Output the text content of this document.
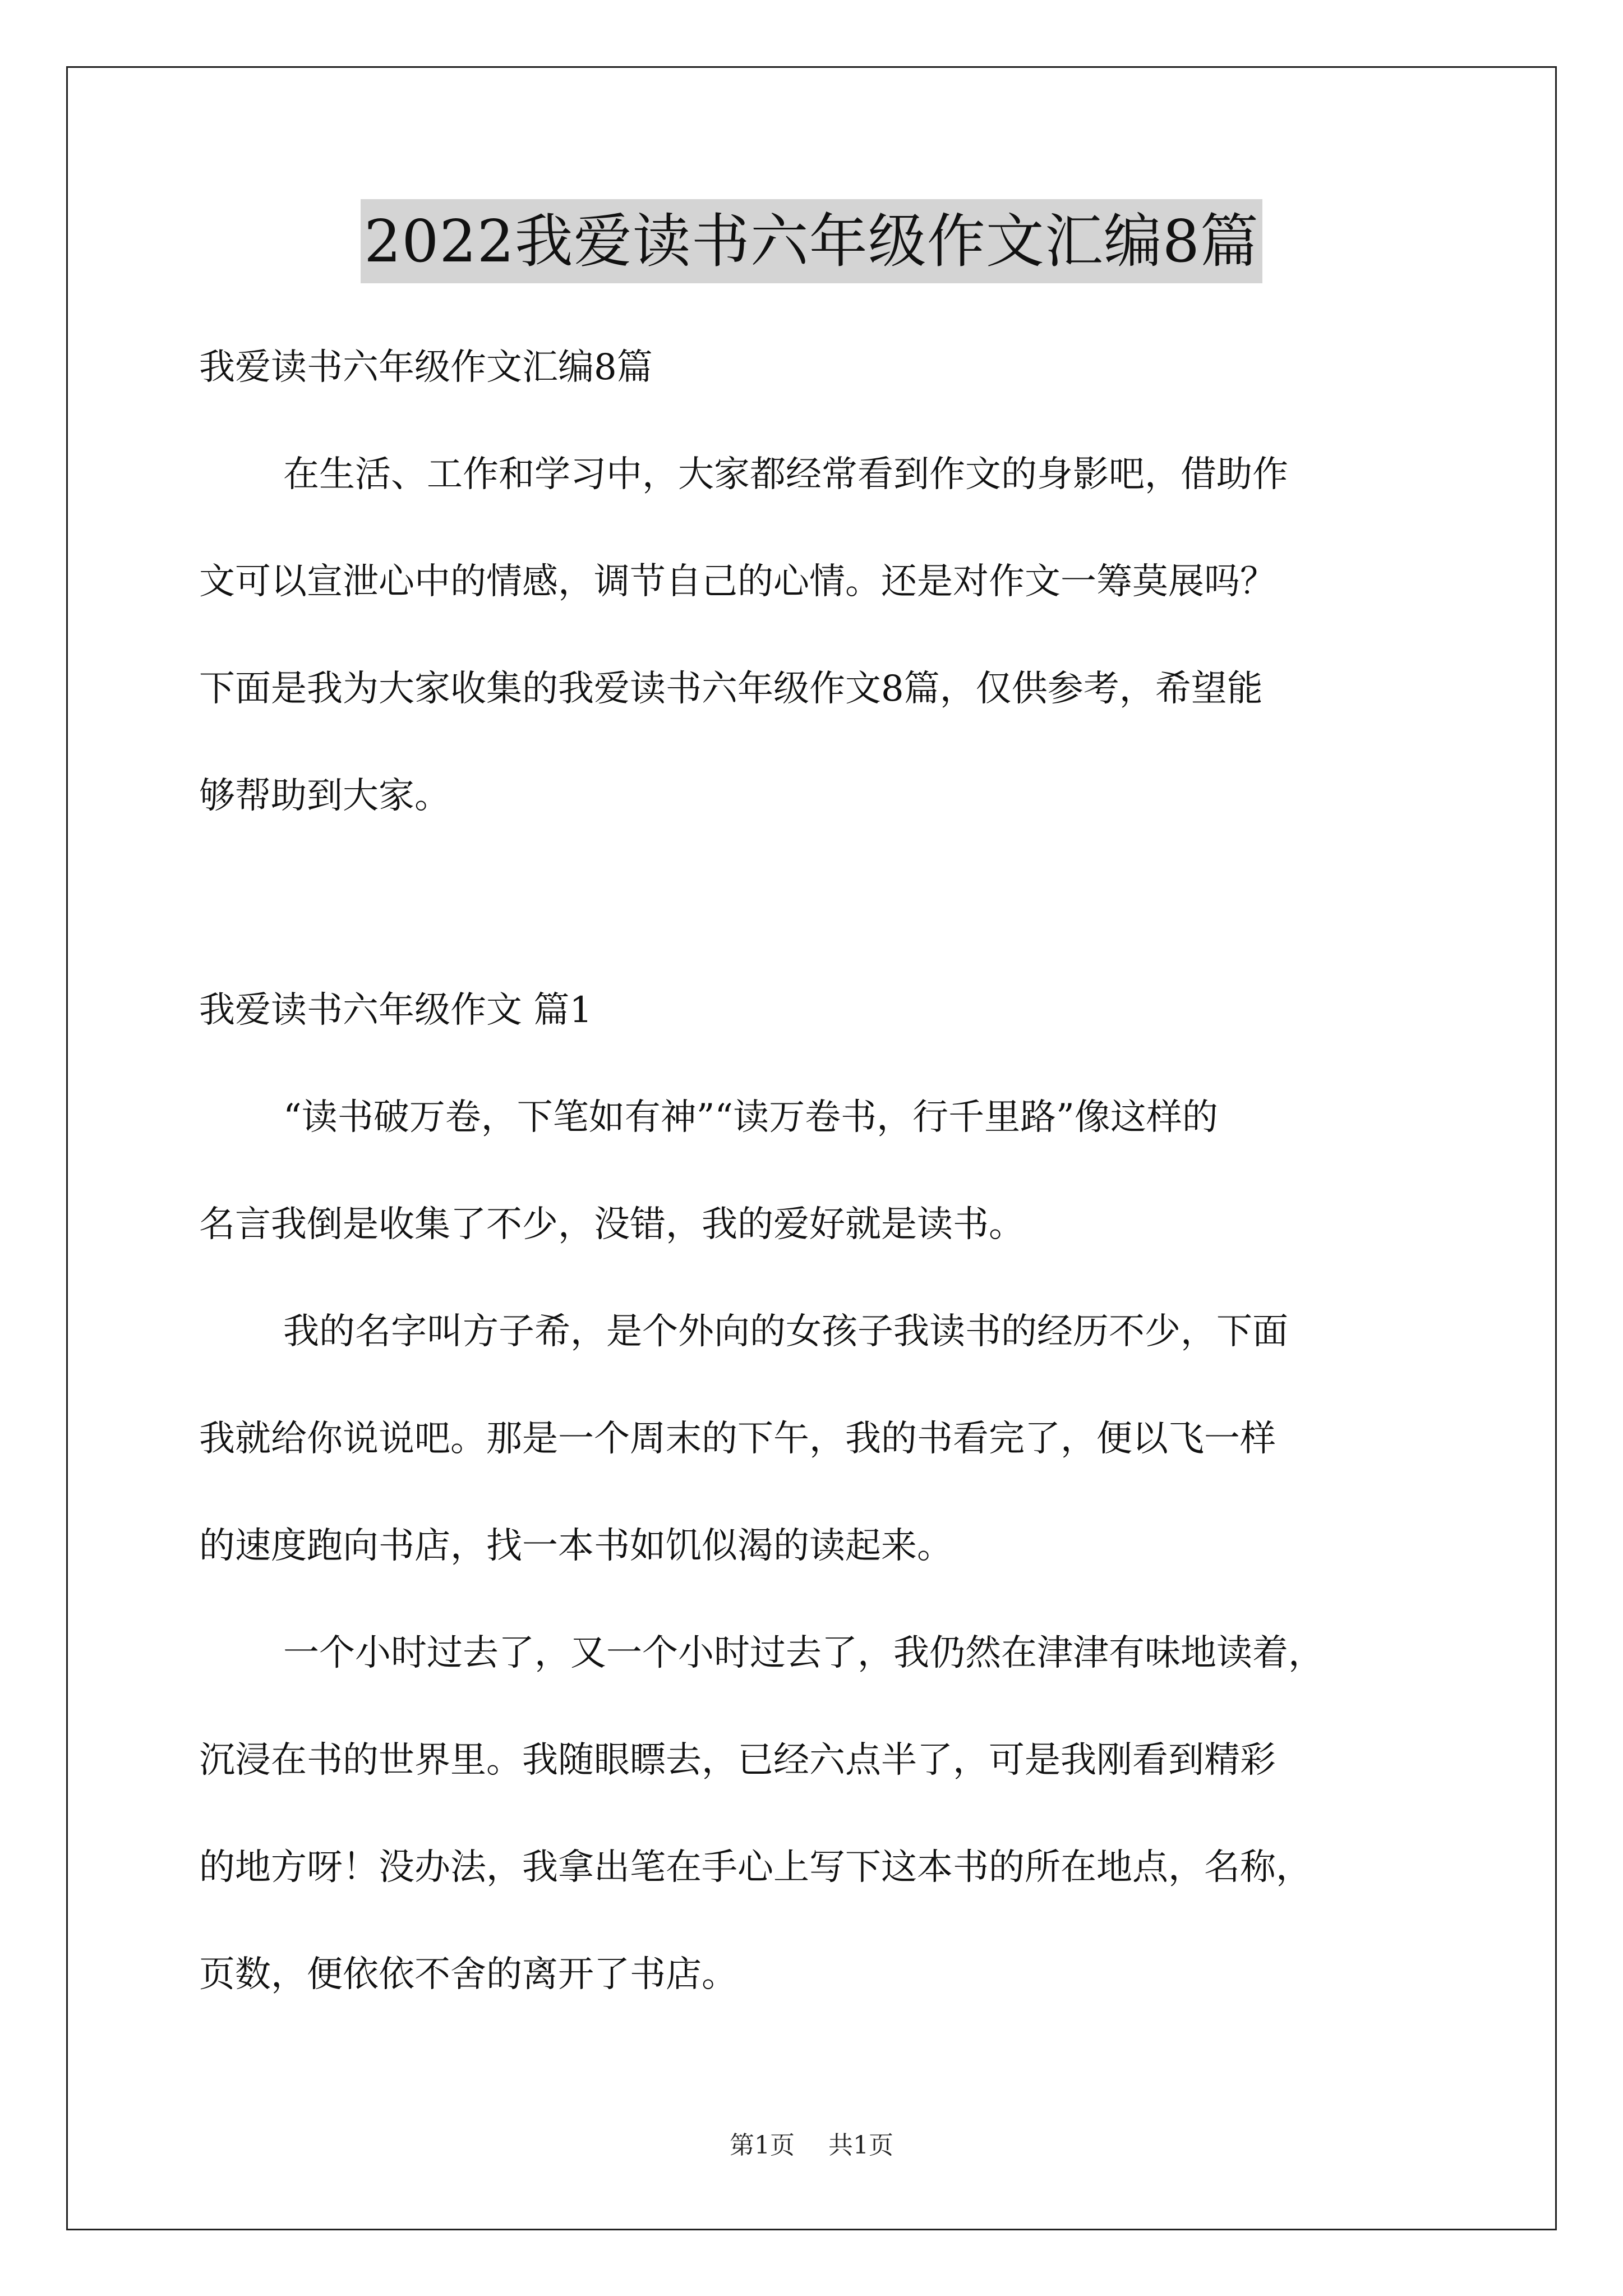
2022我爱读书六年级作文汇编8篇

我爱读书六年级作文汇编8篇

在生活、工作和学习中，大家都经常看到作文的身影吧，借助作

文可以宣泄心中的情感，调节自己的心情。还是对作文一筹莫展吗？

下面是我为大家收集的我爱读书六年级作文8篇，仅供参考，希望能

够帮助到大家。

我爱读书六年级作文 篇1

“读书破万卷，下笔如有神”“读万卷书，行千里路”像这样的

名言我倒是收集了不少，没错，我的爱好就是读书。

我的名字叫方子希，是个外向的女孩子我读书的经历不少，下面

我就给你说说吧。那是一个周末的下午，我的书看完了，便以飞一样

的速度跑向书店，找一本书如饥似渴的读起来。

一个小时过去了，又一个小时过去了，我仍然在津津有味地读着，

沉浸在书的世界里。我随眼瞟去，已经六点半了，可是我刚看到精彩

的地方呀！没办法，我拿出笔在手心上写下这本书的所在地点，名称，

页数，便依依不舍的离开了书店。

第1页 共1页
